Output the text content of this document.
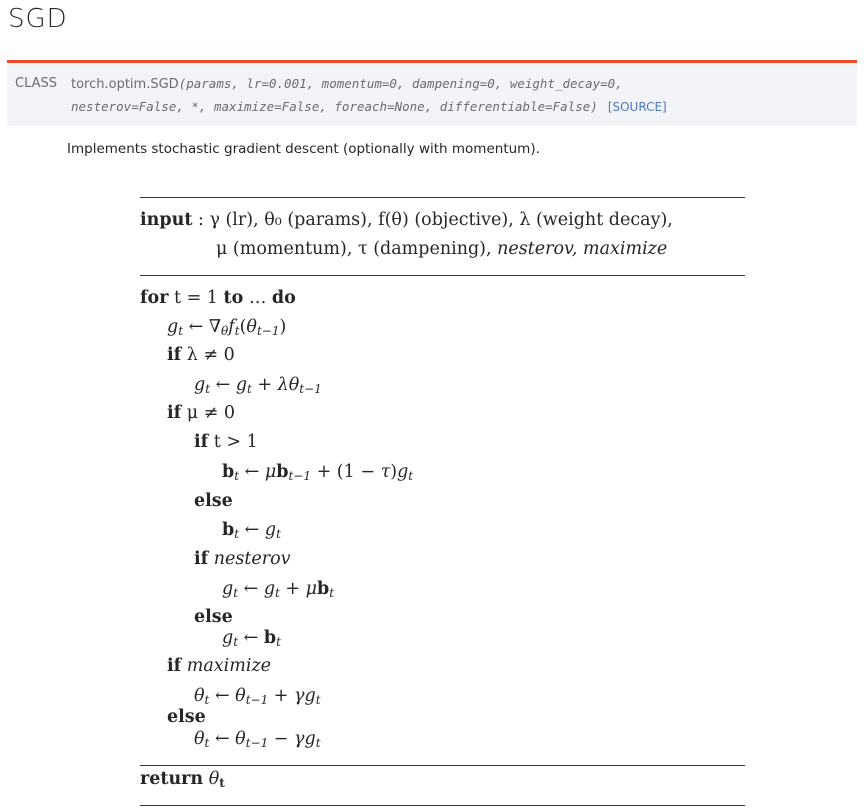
SGD
CLASS torch.optim.SGD(params, lr=0.001, momentum=0, dampening=0, weight_decay=0,
nesterov=False, *, maximize=False, foreach=None, differentiable=False) [SOURCE]
Implements stochastic gradient descent (optionally with momentum).
input : γ (lr), θ₀ (params), f(θ) (objective), λ (weight decay),
μ (momentum), τ (dampening), nesterov, maximize
for t = 1 to … do
$g_t$ ← $\nabla_\theta f_t(\theta_{t-1})$
if λ ≠ 0
$g_t$ ← $g_t + \lambda\theta_{t-1}$
if μ ≠ 0
if t > 1
$b_t$ ← $\mu b_{t-1} + (1 - \tau)g_t$
else
$b_t$ ← $g_t$
if nesterov
$g_t$ ← $g_t + \mu b_t$
else
$g_t$ ← $b_t$
if maximize
$\theta_t$ ← $\theta_{t-1} + \gamma g_t$
else
$\theta_t$ ← $\theta_{t-1} - \gamma g_t$
return $\theta_t$
